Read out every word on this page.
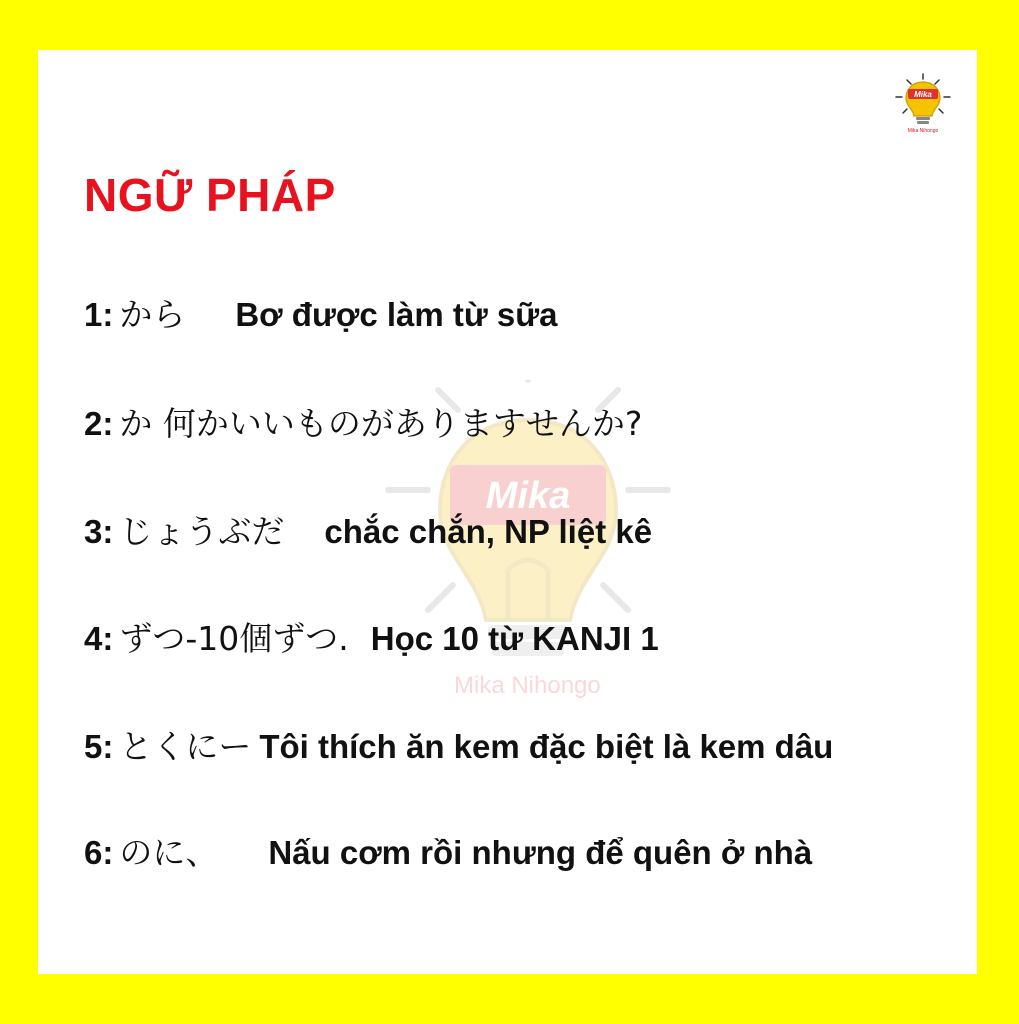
Mika
Mika Nihongo
Mika
Mika Nihongo
NGỮ PHÁP
1: から Bơ được làm từ sữa
2: か 何かいいものがありますせんか?
3: じょうぶだ chắc chắn, NP liệt kê
4: ずつ-10個ずつ. Học 10 từ KANJI 1
5: とくにー Tôi thích ăn kem đặc biệt là kem dâu
6: のに、 Nấu cơm rồi nhưng để quên ở nhà
